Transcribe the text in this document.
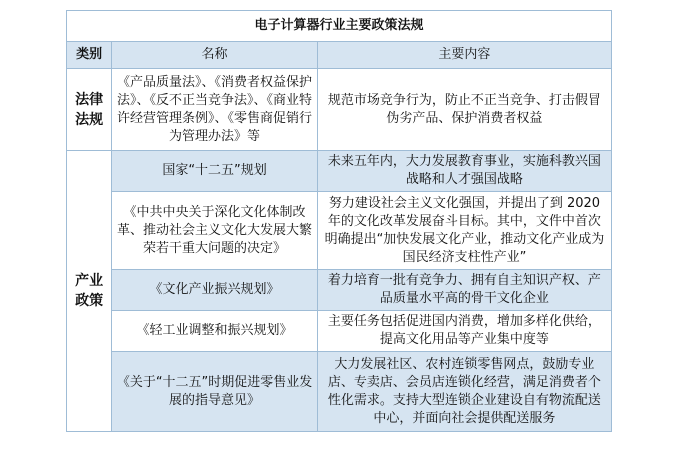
电子计算器行业主要政策法规		
类别	名称	主要内容
法律
法规	《产品质量法》、《消费者权益保护法》、《反不正当竞争法》、《商业特许经营管理条例》、《零售商促销行为管理办法》等	规范市场竞争行为，防止不正当竞争、打击假冒伪劣产品、保护消费者权益
产业
政策	国家“十二五”规划	未来五年内，大力发展教育事业，实施科教兴国战略和人才强国战略
	《中共中央关于深化文化体制改革、推动社会主义文化大发展大繁荣若干重大问题的决定》	努力建设社会主义文化强国，并提出了到 2020 年的文化改革发展奋斗目标。其中，文件中首次明确提出“加快发展文化产业，推动文化产业成为国民经济支柱性产业”
	《文化产业振兴规划》	着力培育一批有竞争力、拥有自主知识产权、产品质量水平高的骨干文化企业
	《轻工业调整和振兴规划》	主要任务包括促进国内消费，增加多样化供给，提高文化用品等产业集中度等
	《关于“十二五”时期促进零售业发展的指导意见》	大力发展社区、农村连锁零售网点，鼓励专业店、专卖店、会员店连锁化经营，满足消费者个性化需求。支持大型连锁企业建设自有物流配送中心，并面向社会提供配送服务
